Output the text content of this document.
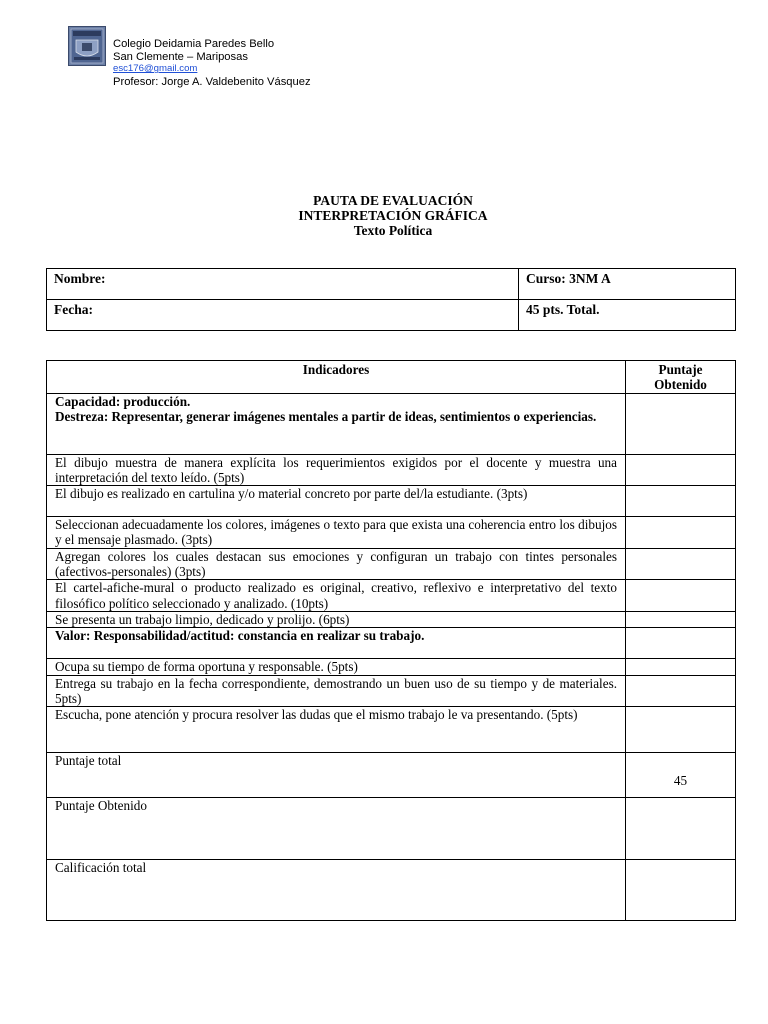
Colegio Deidamia Paredes Bello
San Clemente – Mariposas
esc176@gmail.com
Profesor: Jorge A. Valdebenito Vásquez
PAUTA DE EVALUACIÓN
INTERPRETACIÓN GRÁFICA
Texto Política
Nombre:	Curso: 3NM A
Fecha:	45 pts. Total.
Indicadores	Puntaje
Obtenido

Capacidad: producción.
Destreza: Representar, generar imágenes mentales a partir de ideas, sentimientos o experiencias.	

El dibujo muestra de manera explícita los requerimientos exigidos por el docente y muestra una interpretación del texto leído. (5pts)	
El dibujo es realizado en cartulina y/o material concreto por parte del/la estudiante. (3pts)	
Seleccionan adecuadamente los colores, imágenes o texto para que exista una coherencia entro los dibujos y el mensaje plasmado. (3pts)	
Agregan colores los cuales destacan sus emociones y configuran un trabajo con tintes personales (afectivos-personales) (3pts)	
El cartel-afiche-mural o producto realizado es original, creativo, reflexivo e interpretativo del texto filosófico político seleccionado y analizado. (10pts)	
Se presenta un trabajo limpio, dedicado y prolijo. (6pts)	
Valor: Responsabilidad/actitud: constancia en realizar su trabajo.	
Ocupa su tiempo de forma oportuna y responsable. (5pts)	
Entrega su trabajo en la fecha correspondiente, demostrando un buen uso de su tiempo y de materiales. 5pts)	
Escucha, pone atención y procura resolver las dudas que el mismo trabajo le va presentando. (5pts)	
Puntaje total	45
Puntaje Obtenido	
Calificación total	
